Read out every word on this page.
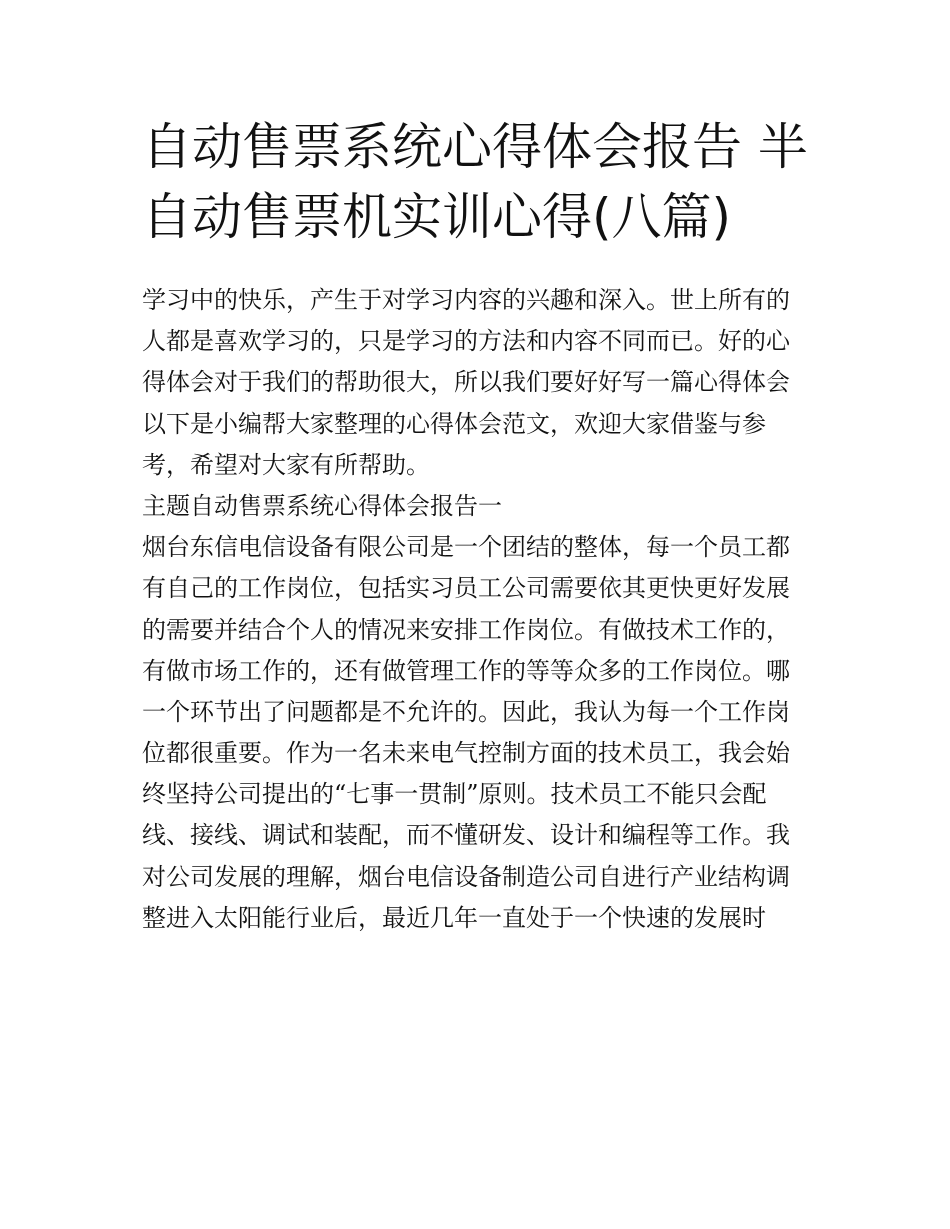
自动售票系统心得体会报告 半
自动售票机实训心得(八篇)
学习中的快乐，产生于对学习内容的兴趣和深入。世上所有的
人都是喜欢学习的，只是学习的方法和内容不同而已。好的心
得体会对于我们的帮助很大，所以我们要好好写一篇心得体会
以下是小编帮大家整理的心得体会范文，欢迎大家借鉴与参
考，希望对大家有所帮助。
主题自动售票系统心得体会报告一
烟台东信电信设备有限公司是一个团结的整体，每一个员工都
有自己的工作岗位，包括实习员工公司需要依其更快更好发展
的需要并结合个人的情况来安排工作岗位。有做技术工作的，
有做市场工作的，还有做管理工作的等等众多的工作岗位。哪
一个环节出了问题都是不允许的。因此，我认为每一个工作岗
位都很重要。作为一名未来电气控制方面的技术员工，我会始
终坚持公司提出的“七事一贯制”原则。技术员工不能只会配
线、接线、调试和装配，而不懂研发、设计和编程等工作。我
对公司发展的理解，烟台电信设备制造公司自进行产业结构调
整进入太阳能行业后，最近几年一直处于一个快速的发展时
